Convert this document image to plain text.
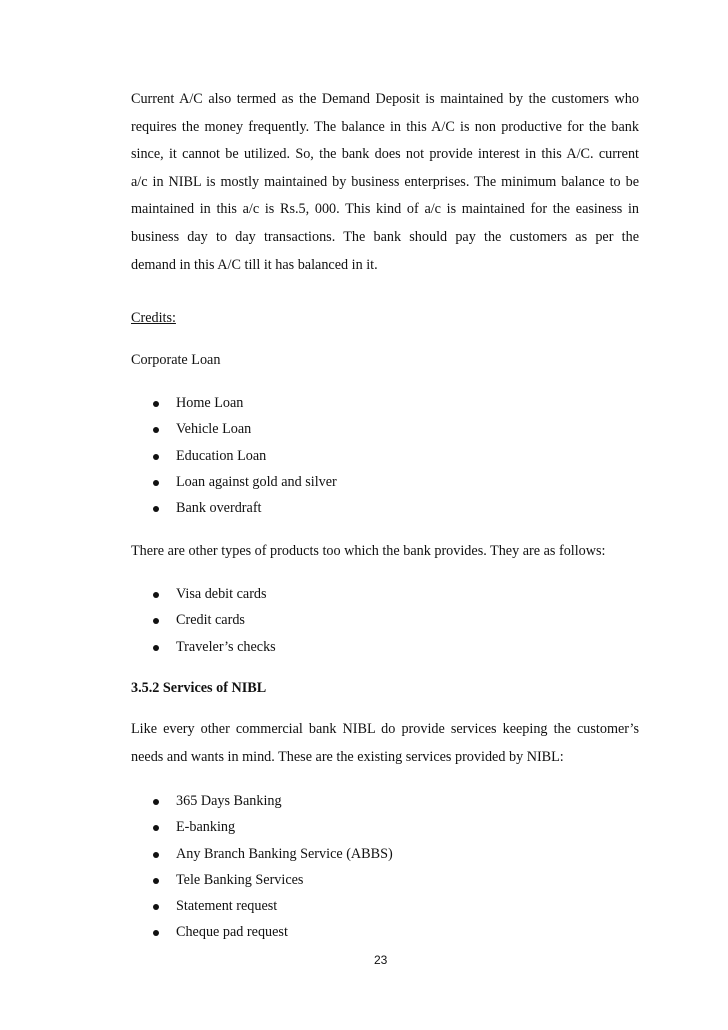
Current A/C also termed as the Demand Deposit is maintained by the customers who
requires the money frequently. The balance in this A/C is non productive for the bank
since, it cannot be utilized. So, the bank does not provide interest in this A/C. current
a/c in NIBL is mostly maintained by business enterprises. The minimum balance to be
maintained in this a/c is Rs.5, 000. This kind of a/c is maintained for the easiness in
business day to day transactions. The bank should pay the customers as per the
demand in this A/C till it has balanced in it.
Credits:
Corporate Loan
Home Loan
Vehicle Loan
Education Loan
Loan against gold and silver
Bank overdraft
There are other types of products too which the bank provides. They are as follows:
Visa debit cards
Credit cards
Traveler’s checks
3.5.2 Services of NIBL
Like every other commercial bank NIBL do provide services keeping the customer’s
needs and wants in mind. These are the existing services provided by NIBL:
365 Days Banking
E-banking
Any Branch Banking Service (ABBS)
Tele Banking Services
Statement request
Cheque pad request
23
